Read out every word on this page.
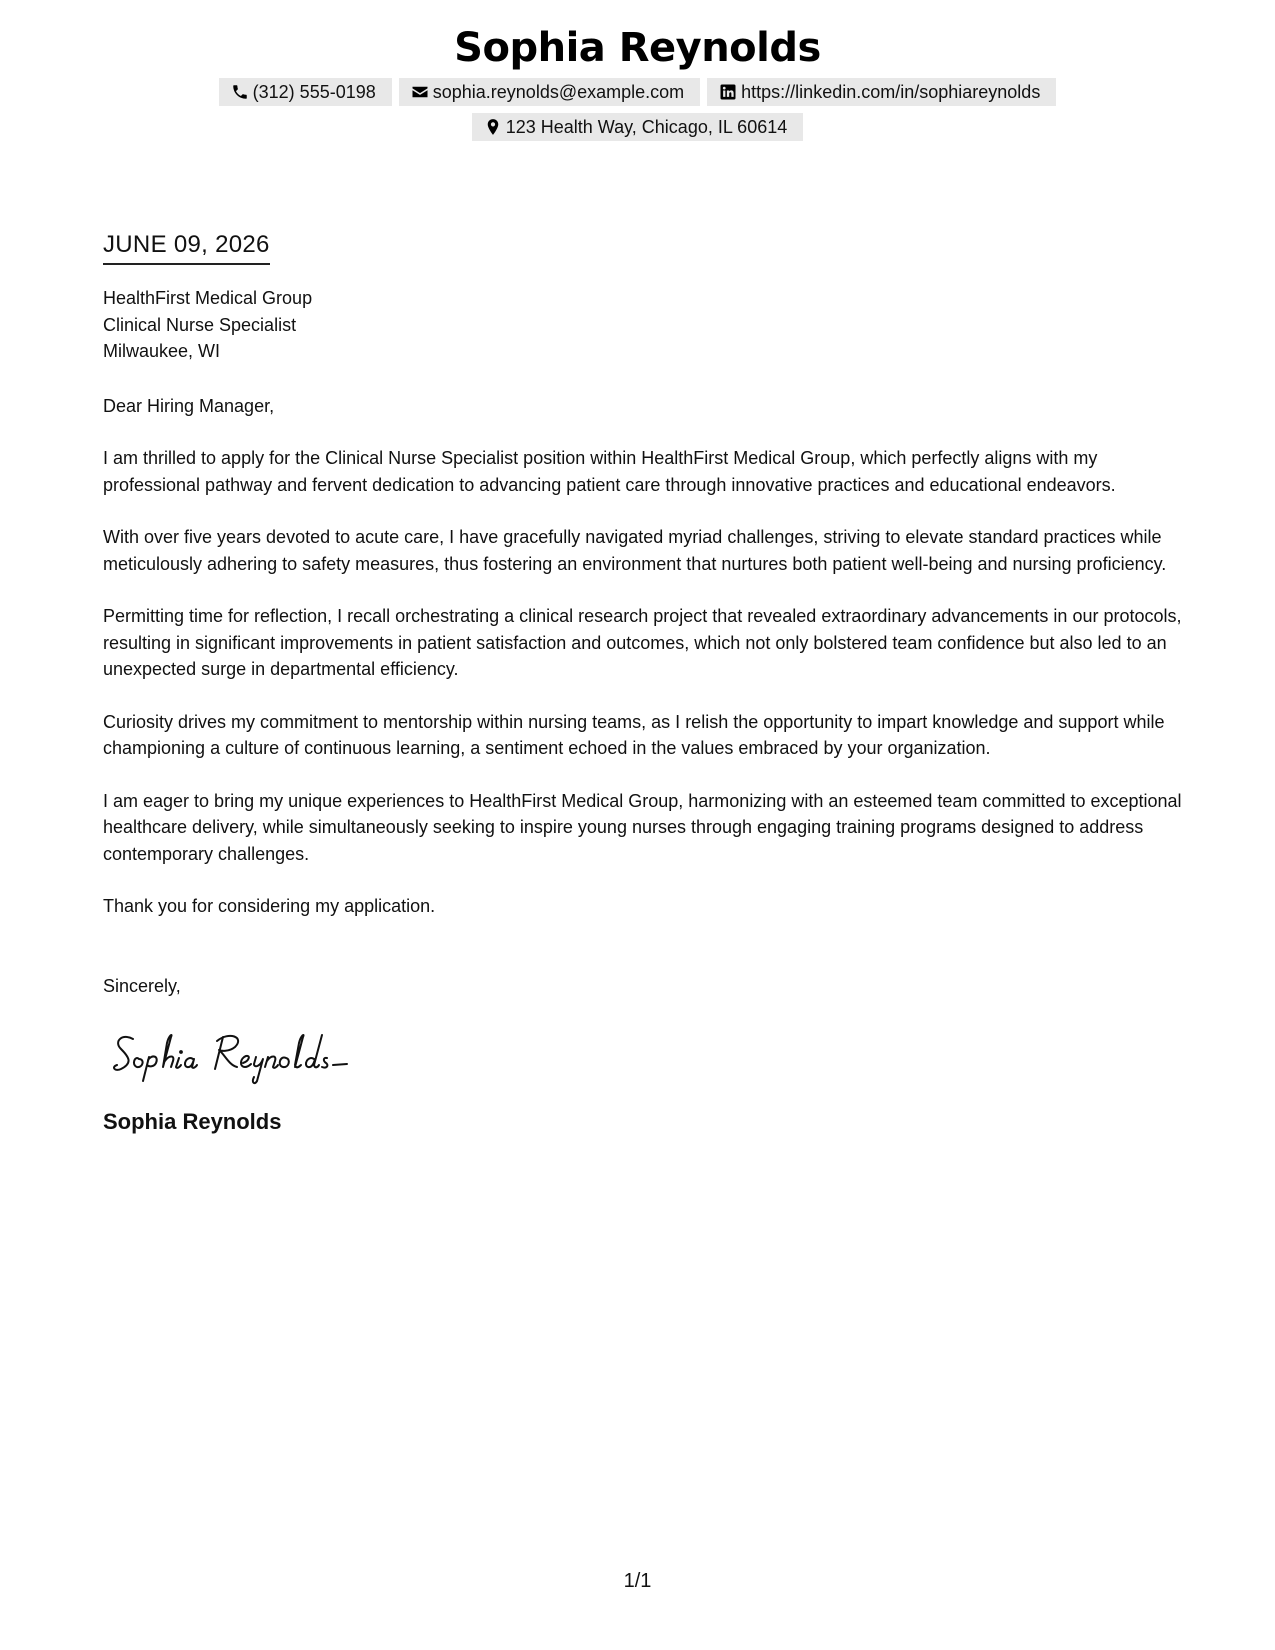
Sophia Reynolds
(312) 555-0198	sophia.reynolds@example.com	https://linkedin.com/in/sophiareynolds
123 Health Way, Chicago, IL 60614
JUNE 09, 2026
HealthFirst Medical Group
Clinical Nurse Specialist
Milwaukee, WI
Dear Hiring Manager,
I am thrilled to apply for the Clinical Nurse Specialist position within HealthFirst Medical Group, which perfectly aligns with my professional pathway and fervent dedication to advancing patient care through innovative practices and educational endeavors.
With over five years devoted to acute care, I have gracefully navigated myriad challenges, striving to elevate standard practices while meticulously adhering to safety measures, thus fostering an environment that nurtures both patient well-being and nursing proficiency.
Permitting time for reflection, I recall orchestrating a clinical research project that revealed extraordinary advancements in our protocols, resulting in significant improvements in patient satisfaction and outcomes, which not only bolstered team confidence but also led to an unexpected surge in departmental efficiency.
Curiosity drives my commitment to mentorship within nursing teams, as I relish the opportunity to impart knowledge and support while championing a culture of continuous learning, a sentiment echoed in the values embraced by your organization.
I am eager to bring my unique experiences to HealthFirst Medical Group, harmonizing with an esteemed team committed to exceptional healthcare delivery, while simultaneously seeking to inspire young nurses through engaging training programs designed to address contemporary challenges.
Thank you for considering my application.
Sincerely,
Sophia Reynolds
1/1
